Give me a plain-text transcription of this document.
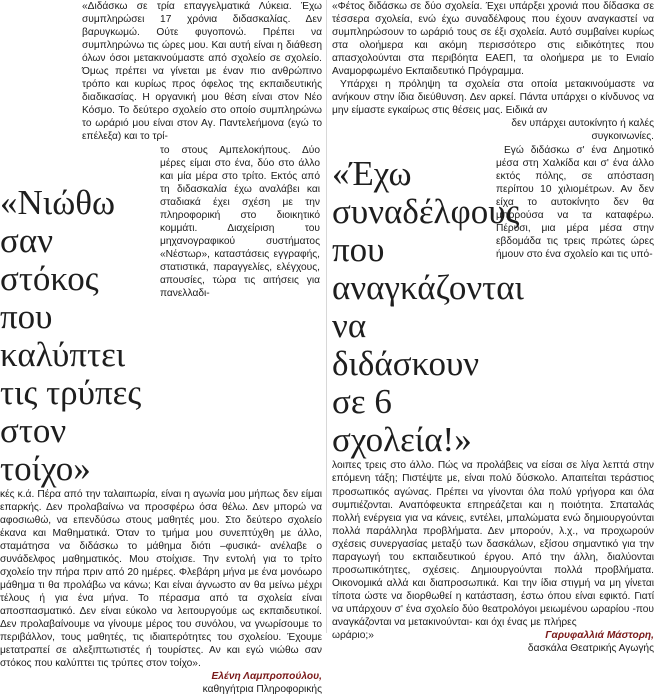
«Διδάσκω σε τρία επαγγελματικά Λύκεια. Έχω συμπληρώσει 17 χρόνια διδασκαλίας. Δεν βαρυγκωμώ. Ούτε φυγοπονώ. Πρέπει να συμπληρώνω τις ώρες μου. Και αυτή είναι η διάθεση όλων όσοι μετακινούμαστε από σχολείο σε σχολείο. Όμως πρέπει να γίνεται με έναν πιο ανθρώπινο τρόπο και κυρίως προς όφελος της εκπαιδευτικής διαδικασίας. Η οργανική μου θέση είναι στον Νέο Κόσμο. Το δεύτερο σχολείο στο οποίο συμπληρώνω το ωράριό μου είναι στον Αγ. Παντελεήμονα (εγώ το επέλεξα) και το τρί-

«Νιώθω σαν στόκος που καλύπτει τις τρύπες στον τοίχο»

το στους Αμπελοκήπους. Δύο μέρες είμαι στο ένα, δύο στο άλλο και μία μέρα στο τρίτο. Εκτός από τη διδασκαλία έχω αναλάβει και σταδιακά έχει σχέση με την πληροφορική στο διοικητικό κομμάτι. Διαχείριση του μηχανογραφικού συστήματος «Νέστωρ», καταστάσεις εγγραφής, στατιστικά, παραγγελίες, ελέγχους, απουσίες, τώρα τις αιτήσεις για πανελλαδι-

κές κ.ά. Πέρα από την ταλαιπωρία, είναι η αγωνία μου μήπως δεν είμαι επαρκής. Δεν προλαβαίνω να προσφέρω όσα θέλω. Δεν μπορώ να αφοσιωθώ, να επενδύσω στους μαθητές μου. Στο δεύτερο σχολείο έκανα και Μαθηματικά. Όταν το τμήμα μου συνεπτύχθη με άλλο, σταμάτησα να διδάσκω το μάθημα διότι –φυσικά- ανέλαβε ο συνάδελφος μαθηματικός. Μου στοίχισε. Την εντολή για το τρίτο σχολείο την πήρα πριν από 20 ημέρες. Φλεβάρη μήνα με ένα μονόωρο μάθημα τι θα προλάβω να κάνω; Και είναι άγνωστο αν θα μείνω μέχρι τέλους ή για ένα μήνα. Το πέρασμα από τα σχολεία είναι αποσπασματικό. Δεν είναι εύκολο να λειτουργούμε ως εκπαιδευτικοί. Δεν προλαβαίνουμε να γίνουμε μέρος του συνόλου, να γνωρίσουμε το περιβάλλον, τους μαθητές, τις ιδιαιτερότητες του σχολείου. Έχουμε μετατραπεί σε αλεξιπτωτιστές ή τουρίστες. Αν και εγώ νιώθω σαν στόκος που καλύπτει τις τρύπες στον τοίχο».

Ελένη Λαμπροπούλου,
καθηγήτρια Πληροφορικής

«Φέτος διδάσκω σε δύο σχολεία. Έχει υπάρξει χρονιά που δίδασκα σε τέσσερα σχολεία, ενώ έχω συναδέλφους που έχουν αναγκαστεί να συμπληρώσουν το ωράριό τους σε έξι σχολεία. Αυτό συμβαίνει κυρίως στα ολοήμερα και ακόμη περισσότερο στις ειδικότητες που απασχολούνται στα περιβόητα ΕΑΕΠ, τα ολοήμερα με το Ενιαίο Αναμορφωμένο Εκπαιδευτικό Πρόγραμμα.

Υπάρχει η πρόληψη τα σχολεία στα οποία μετακινούμαστε να ανήκουν στην ίδια διεύθυνση. Δεν αρκεί. Πάντα υπάρχει ο κίνδυνος να μην είμαστε εγκαίρως στις θέσεις μας. Ειδικά αν

«Έχω συναδέλφους που αναγκάζονται να διδάσκουν σε 6 σχολεία!»

δεν υπάρχει αυτοκίνητο ή καλές συγκοινωνίες.

Εγώ διδάσκω σ' ένα Δημοτικό μέσα στη Χαλκίδα και σ' ένα άλλο εκτός πόλης, σε απόσταση περίπου 10 χιλιομέτρων. Αν δεν είχα το αυτοκίνητο δεν θα μπορούσα να τα καταφέρω. Πέρυσι, μια μέρα μέσα στην εβδομάδα τις τρεις πρώτες ώρες ήμουν στο ένα σχολείο και τις υπό-

λοιπες τρεις στο άλλο. Πώς να προλάβεις να είσαι σε λίγα λεπτά στην επόμενη τάξη; Πιστέψτε με, είναι πολύ δύσκολο. Απαιτείται τεράστιος προσωπικός αγώνας. Πρέπει να γίνονται όλα πολύ γρήγορα και όλα συμπιέζονται. Αναπόφευκτα επηρεάζεται και η ποιότητα. Σπαταλάς πολλή ενέργεια για να κάνεις, εντέλει, μπαλώματα ενώ δημιουργούνται πολλά παράλληλα προβλήματα. Δεν μπορούν, λ.χ., να προχωρούν σχέσεις συνεργασίας μεταξύ των δασκάλων, εξίσου σημαντικό για την παραγωγή του εκπαιδευτικού έργου. Από την άλλη, διαλύονται προσωπικότητες, σχέσεις. Δημιουργούνται πολλά προβλήματα. Οικονομικά αλλά και διαπροσωπικά. Και την ίδια στιγμή να μη γίνεται τίποτα ώστε να διορθωθεί η κατάσταση, έστω όπου είναι εφικτό. Γιατί να υπάρχουν σ' ένα σχολείο δύο θεατρολόγοι μειωμένου ωραρίου -που αναγκάζονται να μετακινούνται- και όχι ένας με πλήρες

ωράριο;»	Γαρυφαλλιά Μάστορη,
δασκάλα Θεατρικής Αγωγής
